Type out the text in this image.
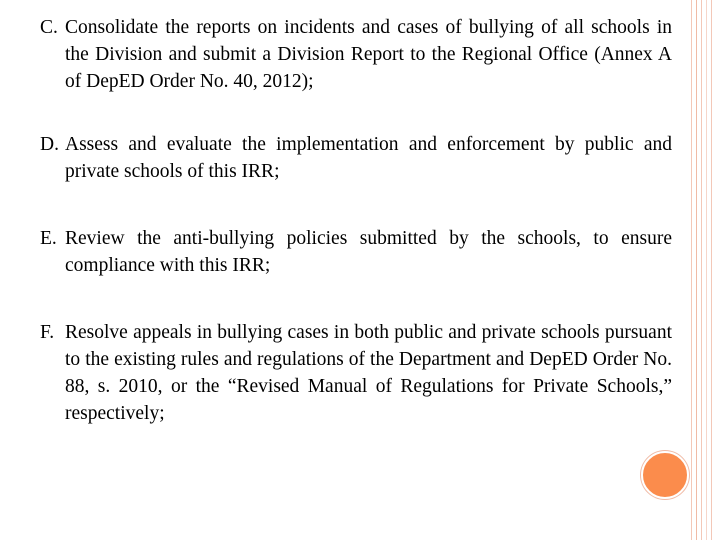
C. Consolidate the reports on incidents and cases of bullying of all schools in the Division and submit a Division Report to the Regional Office (Annex A of DepED Order No. 40, 2012);
D. Assess and evaluate the implementation and enforcement by public and private schools of this IRR;
E. Review the anti-bullying policies submitted by the schools, to ensure compliance with this IRR;
F. Resolve appeals in bullying cases in both public and private schools pursuant to the existing rules and regulations of the Department and DepED Order No. 88, s. 2010, or the “Revised Manual of Regulations for Private Schools,” respectively;
